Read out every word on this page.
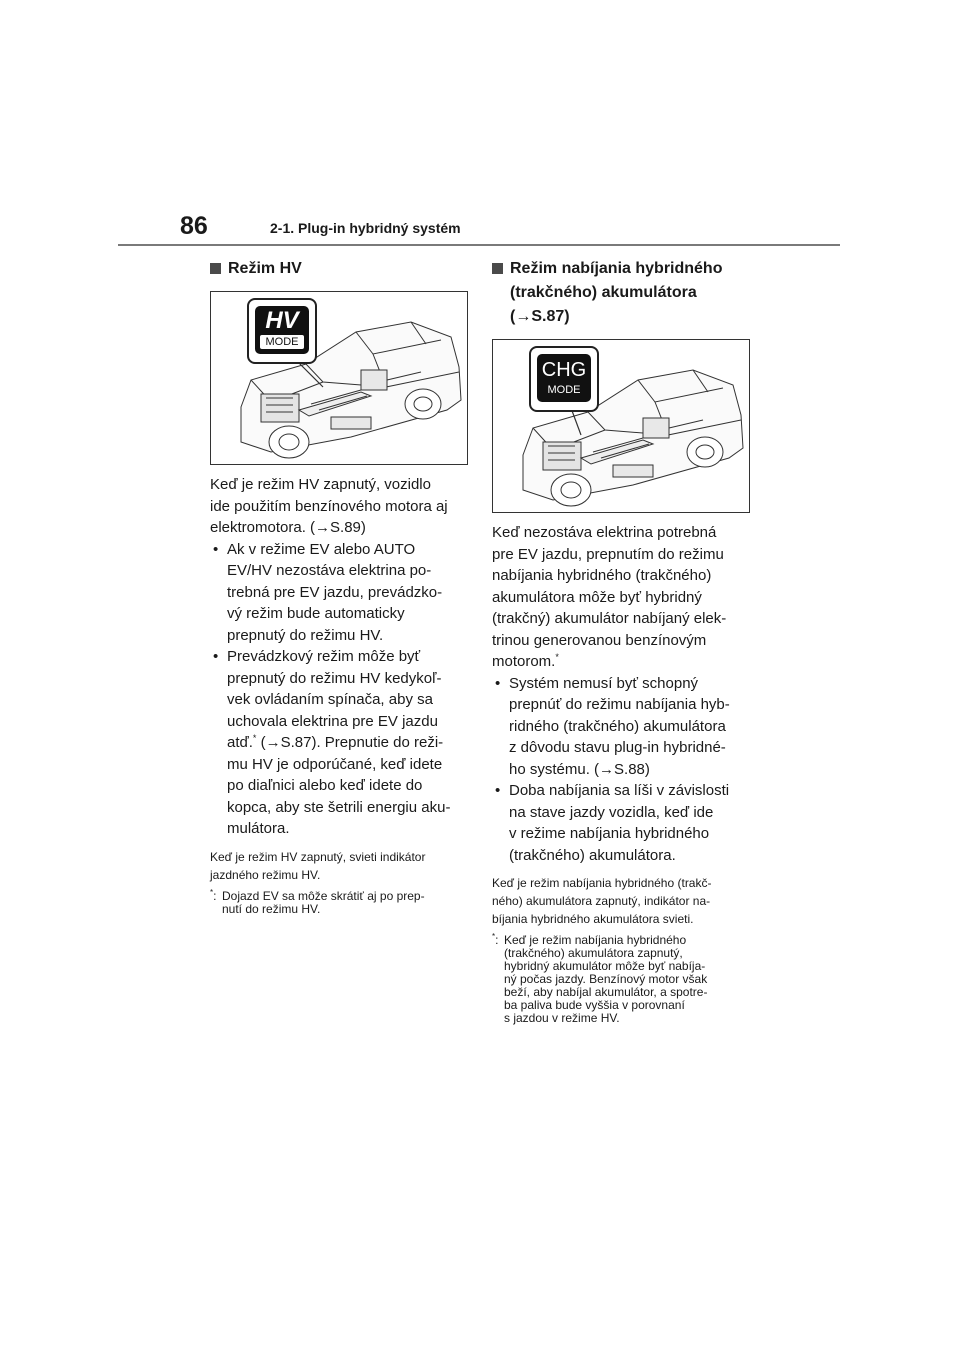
86	2-1. Plug-in hybridný systém
Režim HV
HV
MODE

Keď je režim HV zapnutý, vozidlo
ide použitím benzínového motora aj
elektromotora. (→S.89)

• Ak v režime EV alebo AUTO
EV/HV nezostáva elektrina po-
trebná pre EV jazdu, prevádzko-
vý režim bude automaticky
prepnutý do režimu HV.
• Prevádzkový režim môže byť
prepnutý do režimu HV kedykoľ-
vek ovládaním spínača, aby sa
uchovala elektrina pre EV jazdu
atď.* (→S.87). Prepnutie do reži-
mu HV je odporúčané, keď idete
po diaľnici alebo keď idete do
kopca, aby ste šetrili energiu aku-
mulátora.

Keď je režim HV zapnutý, svieti indikátor
jazdného režimu HV.

*: Dojazd EV sa môže skrátiť aj po prep-
nutí do režimu HV.
Režim nabíjania hybridného
(trakčného) akumulátora
(→S.87)
CHG
MODE

Keď nezostáva elektrina potrebná
pre EV jazdu, prepnutím do režimu
nabíjania hybridného (trakčného)
akumulátora môže byť hybridný
(trakčný) akumulátor nabíjaný elek-
trinou generovanou benzínovým
motorom.*

• Systém nemusí byť schopný
prepnúť do režimu nabíjania hyb-
ridného (trakčného) akumulátora
z dôvodu stavu plug-in hybridné-
ho systému. (→S.88)
• Doba nabíjania sa líši v závislosti
na stave jazdy vozidla, keď ide
v režime nabíjania hybridného
(trakčného) akumulátora.

Keď je režim nabíjania hybridného (trakč-
ného) akumulátora zapnutý, indikátor na-
bíjania hybridného akumulátora svieti.

*: Keď je režim nabíjania hybridného
(trakčného) akumulátora zapnutý,
hybridný akumulátor môže byť nabíja-
ný počas jazdy. Benzínový motor však
beží, aby nabíjal akumulátor, a spotre-
ba paliva bude vyššia v porovnaní
s jazdou v režime HV.
